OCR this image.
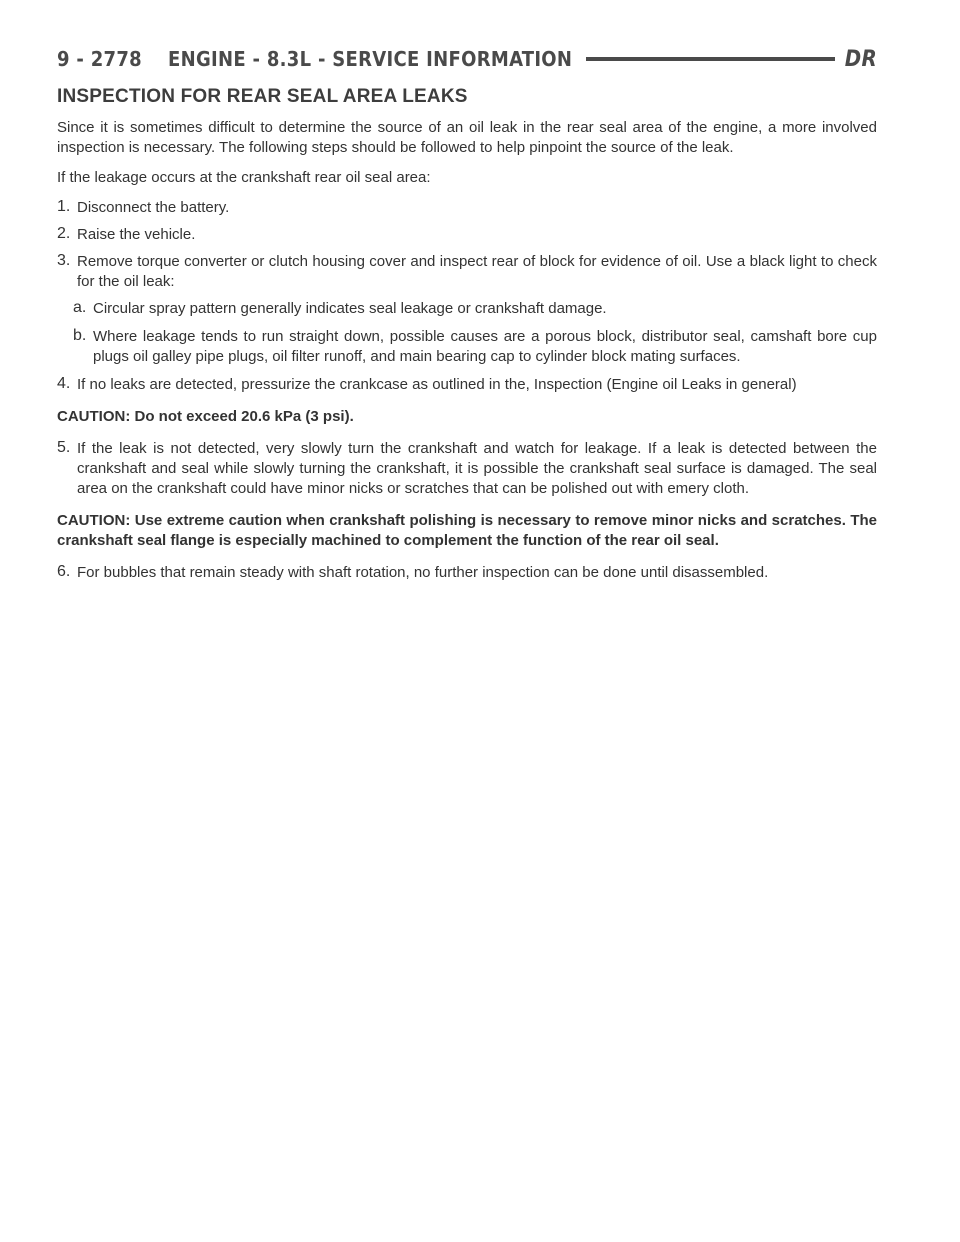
9 - 2778 ENGINE - 8.3L - SERVICE INFORMATION	DR
INSPECTION FOR REAR SEAL AREA LEAKS

Since it is sometimes difficult to determine the source of an oil leak in the rear seal area of the engine, a more involved inspection is necessary. The following steps should be followed to help pinpoint the source of the leak.

If the leakage occurs at the crankshaft rear oil seal area:

1. Disconnect the battery.
2. Raise the vehicle.
3. Remove torque converter or clutch housing cover and inspect rear of block for evidence of oil. Use a black light to check for the oil leak:
a. Circular spray pattern generally indicates seal leakage or crankshaft damage.
b. Where leakage tends to run straight down, possible causes are a porous block, distributor seal, camshaft bore cup plugs oil galley pipe plugs, oil filter runoff, and main bearing cap to cylinder block mating surfaces.
4. If no leaks are detected, pressurize the crankcase as outlined in the, Inspection (Engine oil Leaks in general)

CAUTION: Do not exceed 20.6 kPa (3 psi).

5. If the leak is not detected, very slowly turn the crankshaft and watch for leakage. If a leak is detected between the crankshaft and seal while slowly turning the crankshaft, it is possible the crankshaft seal surface is damaged. The seal area on the crankshaft could have minor nicks or scratches that can be polished out with emery cloth.

CAUTION: Use extreme caution when crankshaft polishing is necessary to remove minor nicks and scratches. The crankshaft seal flange is especially machined to complement the function of the rear oil seal.

6. For bubbles that remain steady with shaft rotation, no further inspection can be done until disassembled.
